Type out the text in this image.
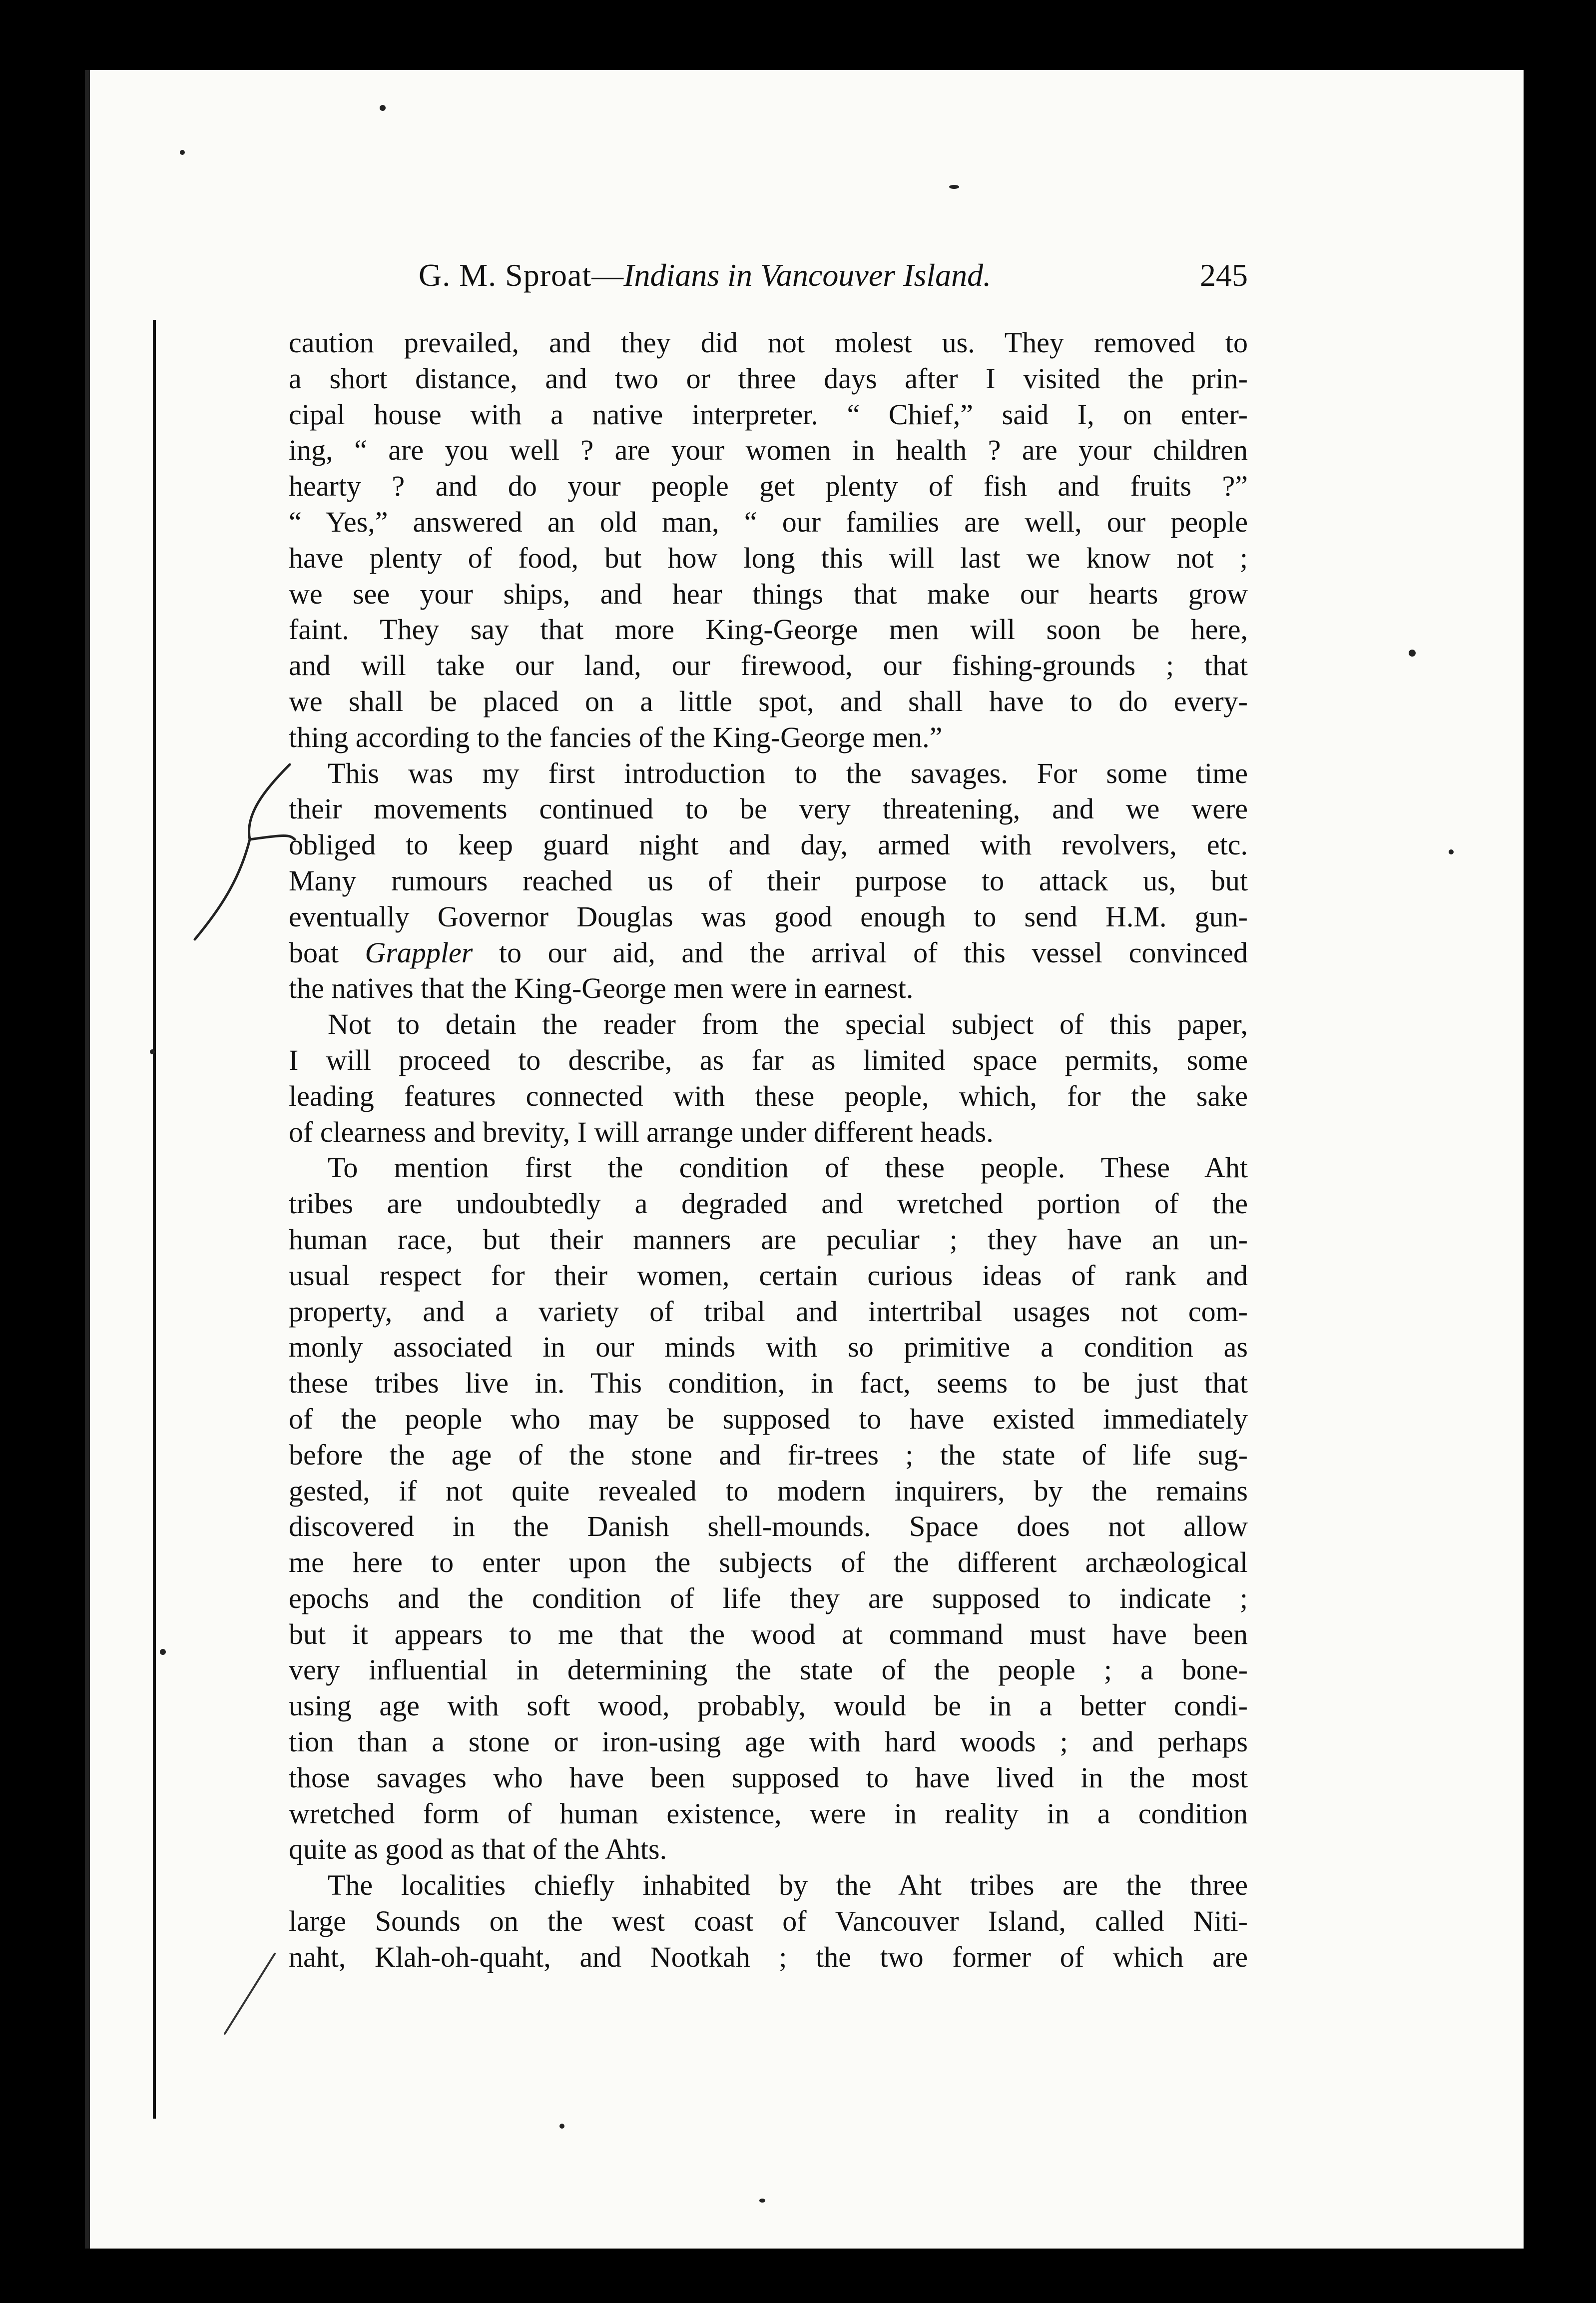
G. M. Sproat—Indians in Vancouver Island.	245
caution prevailed, and they did not molest us. They removed to
a short distance, and two or three days after I visited the prin-
cipal house with a native interpreter. “ Chief,” said I, on enter-
ing, “ are you well ? are your women in health ? are your children
hearty ? and do your people get plenty of fish and fruits ?”
“ Yes,” answered an old man, “ our families are well, our people
have plenty of food, but how long this will last we know not ;
we see your ships, and hear things that make our hearts grow
faint. They say that more King-George men will soon be here,
and will take our land, our firewood, our fishing-grounds ; that
we shall be placed on a little spot, and shall have to do every-
thing according to the fancies of the King-George men.”
This was my first introduction to the savages. For some time
their movements continued to be very threatening, and we were
obliged to keep guard night and day, armed with revolvers, etc.
Many rumours reached us of their purpose to attack us, but
eventually Governor Douglas was good enough to send H.M. gun-
boat Grappler to our aid, and the arrival of this vessel convinced
the natives that the King-George men were in earnest.
Not to detain the reader from the special subject of this paper,
I will proceed to describe, as far as limited space permits, some
leading features connected with these people, which, for the sake
of clearness and brevity, I will arrange under different heads.
To mention first the condition of these people. These Aht
tribes are undoubtedly a degraded and wretched portion of the
human race, but their manners are peculiar ; they have an un-
usual respect for their women, certain curious ideas of rank and
property, and a variety of tribal and intertribal usages not com-
monly associated in our minds with so primitive a condition as
these tribes live in. This condition, in fact, seems to be just that
of the people who may be supposed to have existed immediately
before the age of the stone and fir-trees ; the state of life sug-
gested, if not quite revealed to modern inquirers, by the remains
discovered in the Danish shell-mounds. Space does not allow
me here to enter upon the subjects of the different archæological
epochs and the condition of life they are supposed to indicate ;
but it appears to me that the wood at command must have been
very influential in determining the state of the people ; a bone-
using age with soft wood, probably, would be in a better condi-
tion than a stone or iron-using age with hard woods ; and perhaps
those savages who have been supposed to have lived in the most
wretched form of human existence, were in reality in a condition
quite as good as that of the Ahts.
The localities chiefly inhabited by the Aht tribes are the three
large Sounds on the west coast of Vancouver Island, called Niti-
naht, Klah-oh-quaht, and Nootkah ; the two former of which are
